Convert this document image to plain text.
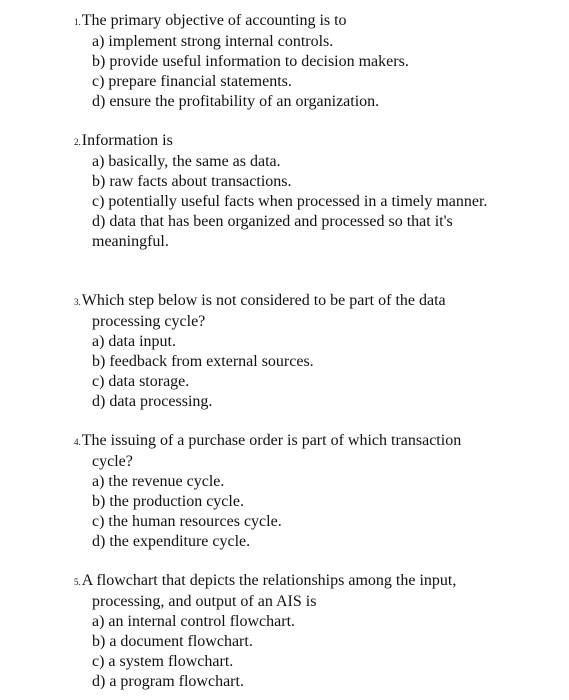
1.The primary objective of accounting is to
a) implement strong internal controls.
b) provide useful information to decision makers.
c) prepare financial statements.
d) ensure the profitability of an organization.
2.Information is
a) basically, the same as data.
b) raw facts about transactions.
c) potentially useful facts when processed in a timely manner.
d) data that has been organized and processed so that it's
meaningful.
3.Which step below is not considered to be part of the data
processing cycle?
a) data input.
b) feedback from external sources.
c) data storage.
d) data processing.
4.The issuing of a purchase order is part of which transaction
cycle?
a) the revenue cycle.
b) the production cycle.
c) the human resources cycle.
d) the expenditure cycle.
5.A flowchart that depicts the relationships among the input,
processing, and output of an AIS is
a) an internal control flowchart.
b) a document flowchart.
c) a system flowchart.
d) a program flowchart.
